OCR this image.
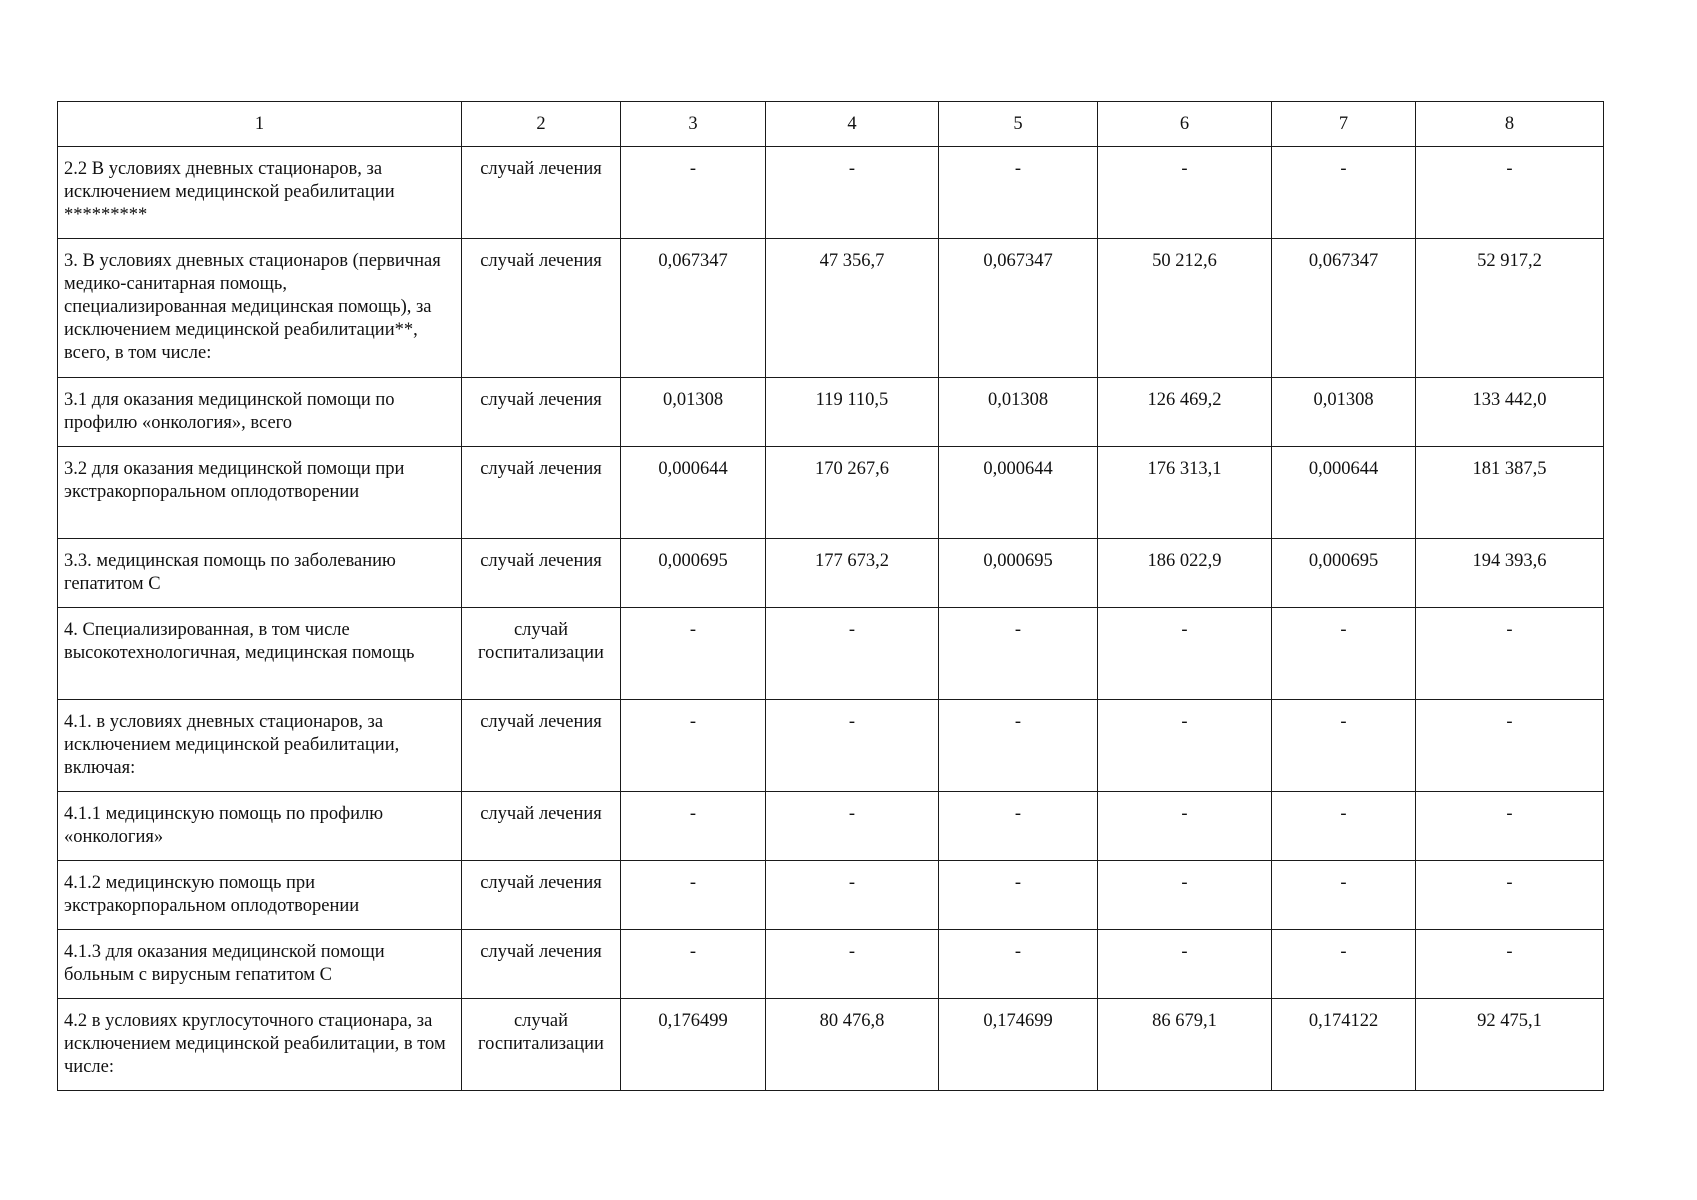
1	2	3	4	5	6	7	8
2.2 В условиях дневных стационаров, за исключением медицинской реабилитации *********	случай лечения	-	-	-	-	-	-
3. В условиях дневных стационаров (первичная медико-санитарная помощь, специализированная медицинская помощь), за исключением медицинской реабилитации**, всего, в том числе:	случай лечения	0,067347	47 356,7	0,067347	50 212,6	0,067347	52 917,2
3.1 для оказания медицинской помощи по профилю «онкология», всего	случай лечения	0,01308	119 110,5	0,01308	126 469,2	0,01308	133 442,0
3.2 для оказания медицинской помощи при экстракорпоральном оплодотворении	случай лечения	0,000644	170 267,6	0,000644	176 313,1	0,000644	181 387,5
3.3. медицинская помощь по заболеванию гепатитом С	случай лечения	0,000695	177 673,2	0,000695	186 022,9	0,000695	194 393,6
4. Специализированная, в том числе высокотехнологичная, медицинская помощь	случай госпитализации	-	-	-	-	-	-
4.1. в условиях дневных стационаров, за исключением медицинской реабилитации, включая:	случай лечения	-	-	-	-	-	-
4.1.1 медицинскую помощь по профилю «онкология»	случай лечения	-	-	-	-	-	-
4.1.2 медицинскую помощь при экстракорпоральном оплодотворении	случай лечения	-	-	-	-	-	-
4.1.3 для оказания медицинской помощи больным с вирусным гепатитом С	случай лечения	-	-	-	-	-	-
4.2 в условиях круглосуточного стационара, за исключением медицинской реабилитации, в том числе:	случай госпитализации	0,176499	80 476,8	0,174699	86 679,1	0,174122	92 475,1
